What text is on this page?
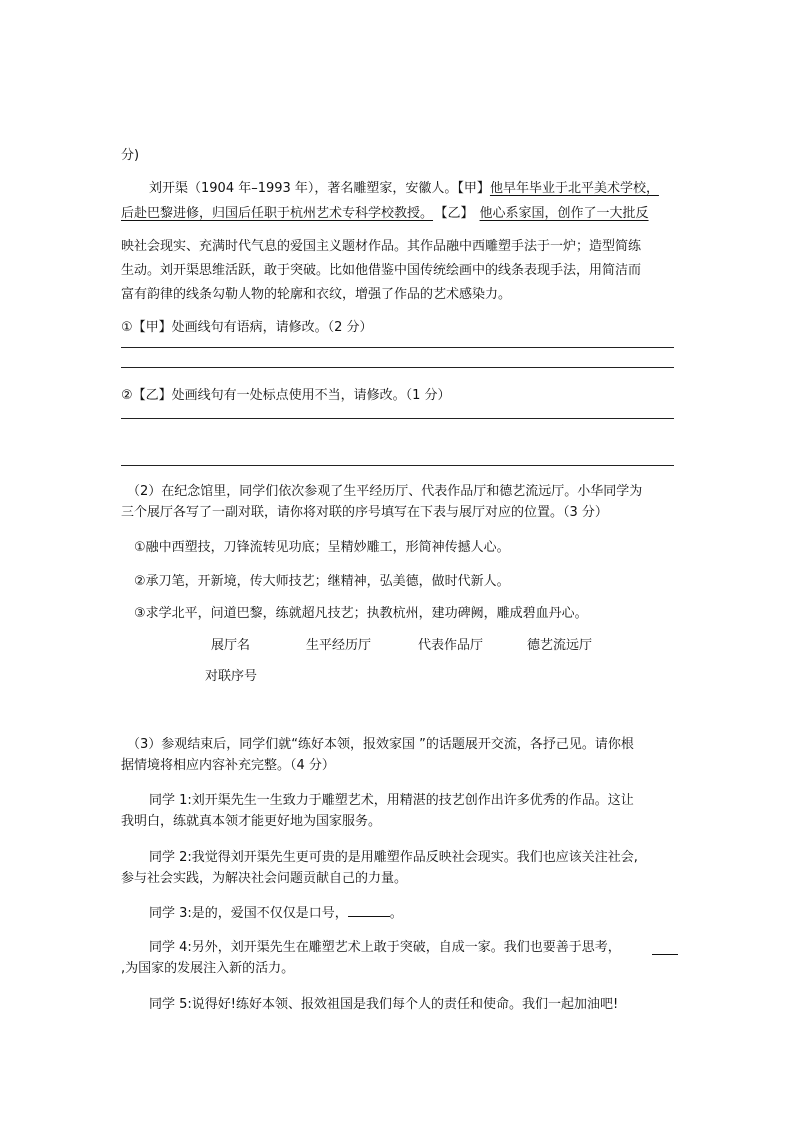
分)
刘开渠（1904 年–1993 年），著名雕塑家，安徽人。【甲】他早年毕业于北平美术学校，
后赴巴黎进修，归国后任职于杭州艺术专科学校教授。 【乙】 他心系家国，创作了一大批反
映社会现实、充满时代气息的爱国主义题材作品。其作品融中西雕塑手法于一炉；造型简练
生动。刘开渠思维活跃，敢于突破。比如他借鉴中国传统绘画中的线条表现手法，用简洁而
富有韵律的线条勾勒人物的轮廓和衣纹，增强了作品的艺术感染力。
①【甲】处画线句有语病，请修改。（2 分）
②【乙】处画线句有一处标点使用不当，请修改。（1 分）
（2）在纪念馆里，同学们依次参观了生平经历厅、代表作品厅和德艺流远厅。小华同学为
三个展厅各写了一副对联，请你将对联的序号填写在下表与展厅对应的位置。（3 分）
①融中西塑技，刀锋流转见功底；呈精妙雕工，形简神传撼人心。
②承刀笔，开新境，传大师技艺；继精神，弘美德，做时代新人。
③求学北平，问道巴黎，练就超凡技艺；执教杭州，建功碑阙，雕成碧血丹心。
展厅名	生平经历厅	代表作品厅	德艺流远厅
对联序号
（3）参观结束后，同学们就“练好本领，报效家国 ”的话题展开交流，各抒己见。请你根
据情境将相应内容补充完整。（4 分）
同学 1:刘开渠先生一生致力于雕塑艺术，用精湛的技艺创作出许多优秀的作品。这让
我明白，练就真本领才能更好地为国家服务。
同学 2:我觉得刘开渠先生更可贵的是用雕塑作品反映社会现实。我们也应该关注社会,
参与社会实践，为解决社会问题贡献自己的力量。
同学 3:是的，爱国不仅仅是口号，	。
同学 4:另外，刘开渠先生在雕塑艺术上敢于突破，自成一家。我们也要善于思考，
,为国家的发展注入新的活力。
同学 5:说得好!练好本领、报效祖国是我们每个人的责任和使命。我们一起加油吧!
